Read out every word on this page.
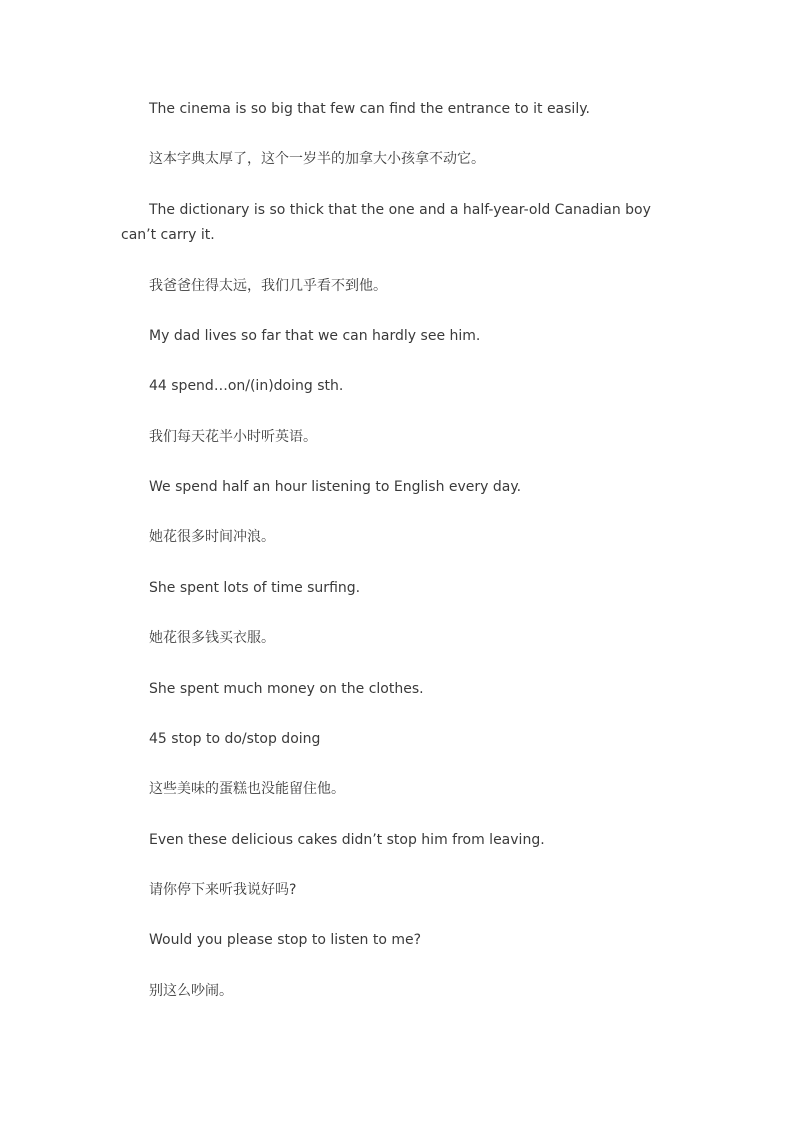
The cinema is so big that few can find the entrance to it easily.

这本字典太厚了，这个一岁半的加拿大小孩拿不动它。

The dictionary is so thick that the one and a half-year-old Canadian boy can’t carry it.

我爸爸住得太远，我们几乎看不到他。

My dad lives so far that we can hardly see him.

44 spend…on/(in)doing sth.

我们每天花半小时听英语。

We spend half an hour listening to English every day.

她花很多时间冲浪。

She spent lots of time surfing.

她花很多钱买衣服。

She spent much money on the clothes.

45 stop to do/stop doing

这些美味的蛋糕也没能留住他。

Even these delicious cakes didn’t stop him from leaving.

请你停下来听我说好吗?

Would you please stop to listen to me?

别这么吵闹。
